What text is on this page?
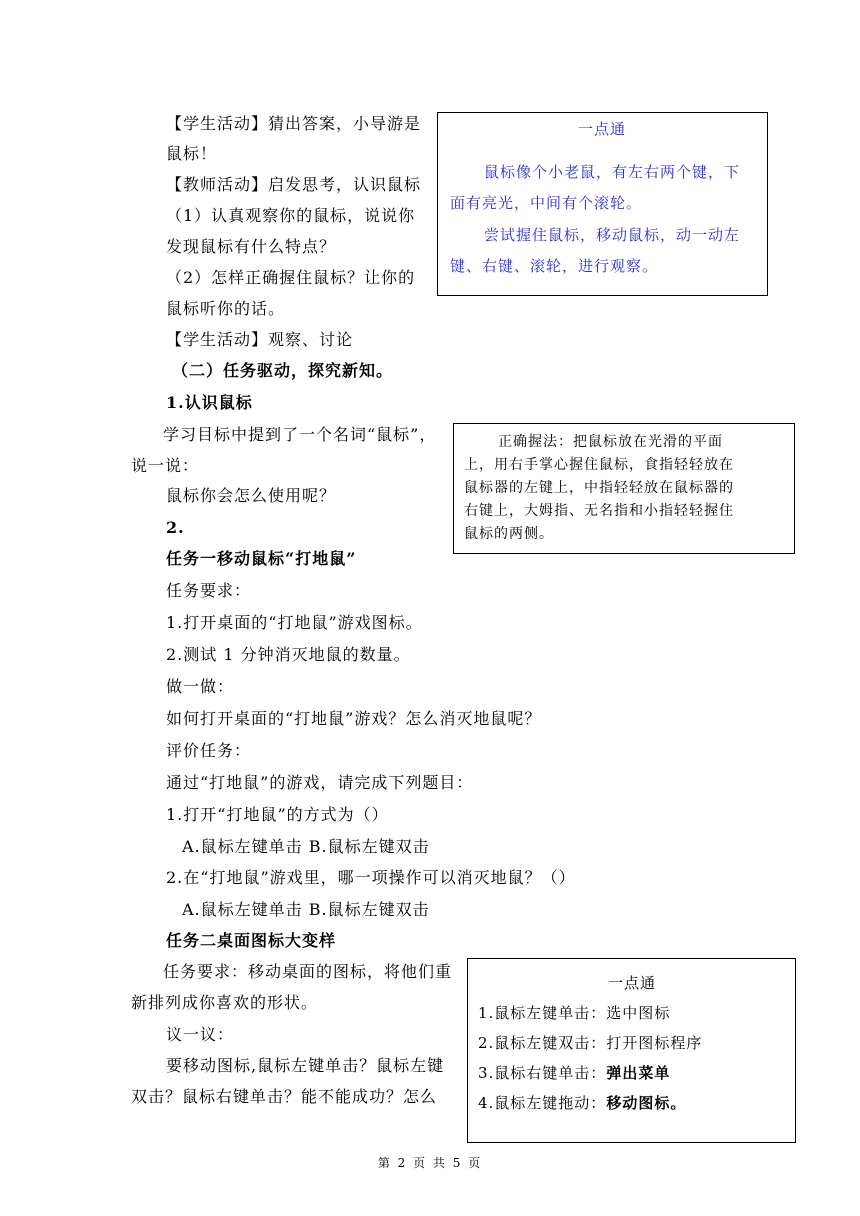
【学生活动】猜出答案，小导游是
鼠标！
【教师活动】启发思考，认识鼠标
（1）认真观察你的鼠标，说说你
发现鼠标有什么特点？
（2）怎样正确握住鼠标？让你的
鼠标听你的话。
【学生活动】观察、讨论
一点通
鼠标像个小老鼠，有左右两个键，下
面有亮光，中间有个滚轮。
尝试握住鼠标，移动鼠标，动一动左
键、右键、滚轮，进行观察。
（二）任务驱动，探究新知。
1.认识鼠标
学习目标中提到了一个名词“鼠标”，
说一说：
鼠标你会怎么使用呢？
2.
正确握法：把鼠标放在光滑的平面
上，用右手掌心握住鼠标，食指轻轻放在
鼠标器的左键上，中指轻轻放在鼠标器的
右键上，大姆指、无名指和小指轻轻握住
鼠标的两侧。
任务一移动鼠标“打地鼠”
任务要求：
1.打开桌面的“打地鼠”游戏图标。
2.测试 1 分钟消灭地鼠的数量。
做一做：
如何打开桌面的“打地鼠”游戏？怎么消灭地鼠呢？
评价任务：
通过“打地鼠”的游戏，请完成下列题目：
1.打开“打地鼠”的方式为（）
A.鼠标左键单击 B.鼠标左键双击
2.在“打地鼠”游戏里，哪一项操作可以消灭地鼠？（）
A.鼠标左键单击 B.鼠标左键双击
任务二桌面图标大变样
任务要求：移动桌面的图标，将他们重
新排列成你喜欢的形状。
议一议：
要移动图标,鼠标左键单击？鼠标左键
双击？鼠标右键单击？能不能成功？怎么
一点通
1.鼠标左键单击：选中图标
2.鼠标左键双击：打开图标程序
3.鼠标右键单击：弹出菜单
4.鼠标左键拖动：移动图标。
第 2 页 共 5 页
